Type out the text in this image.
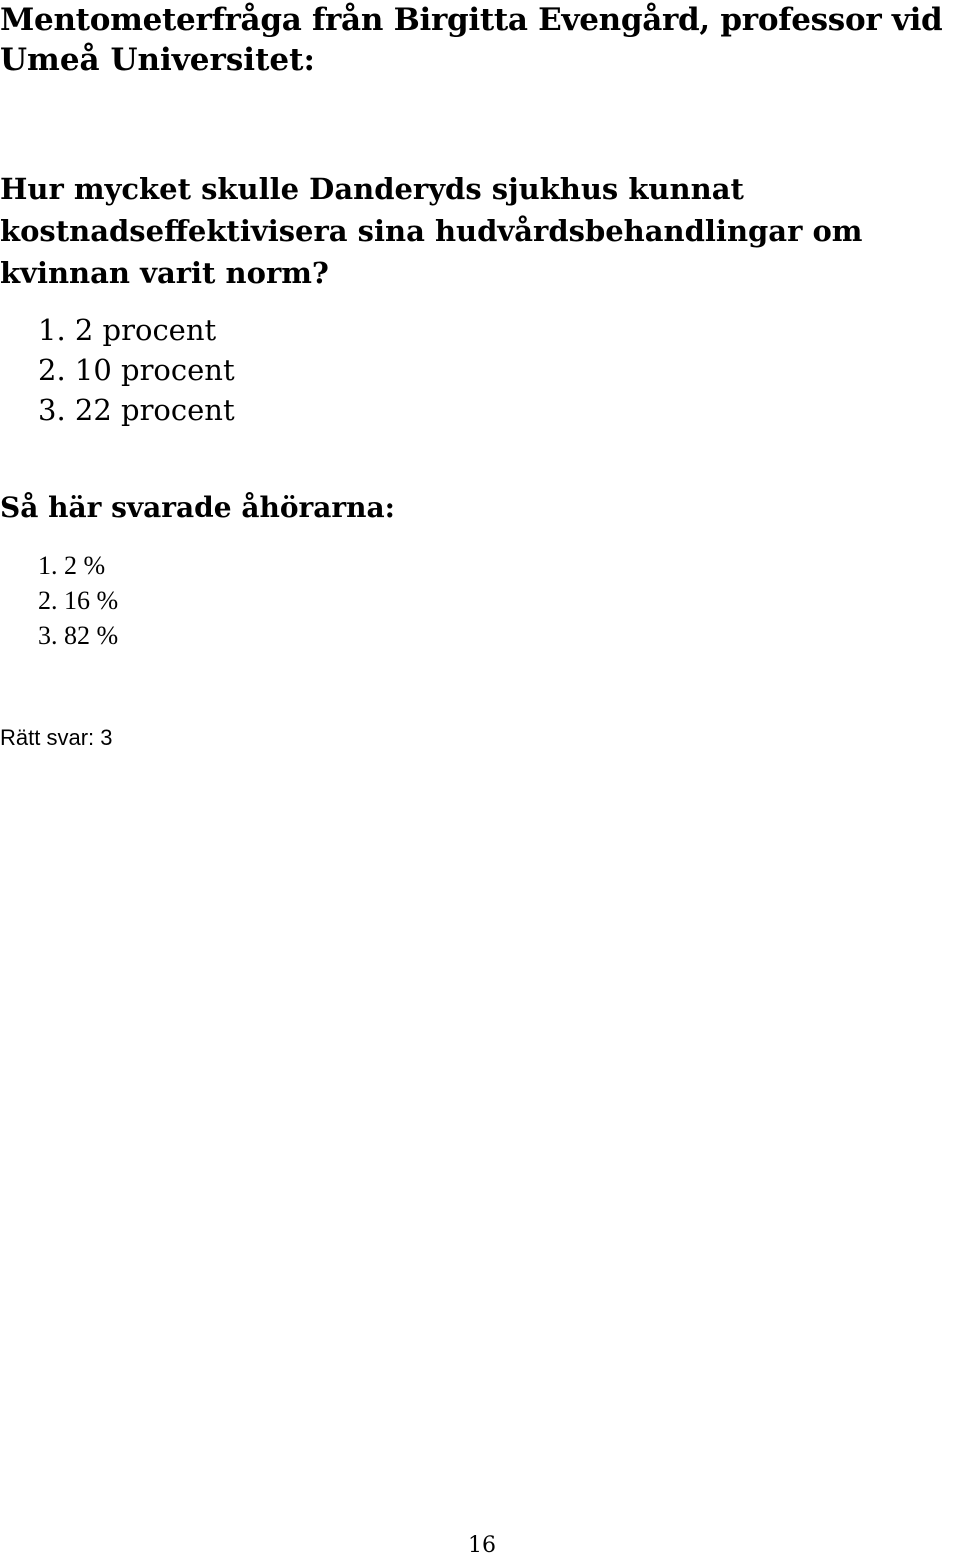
Mentometerfråga från Birgitta Evengård, professor vid
Umeå Universitet:
Hur mycket skulle Danderyds sjukhus kunnat
kostnadseffektivisera sina hudvårdsbehandlingar om
kvinnan varit norm?
1. 2 procent
2. 10 procent
3. 22 procent
Så här svarade åhörarna:
1. 2 %
2. 16 %
3. 82 %

Rätt svar: 3

16
